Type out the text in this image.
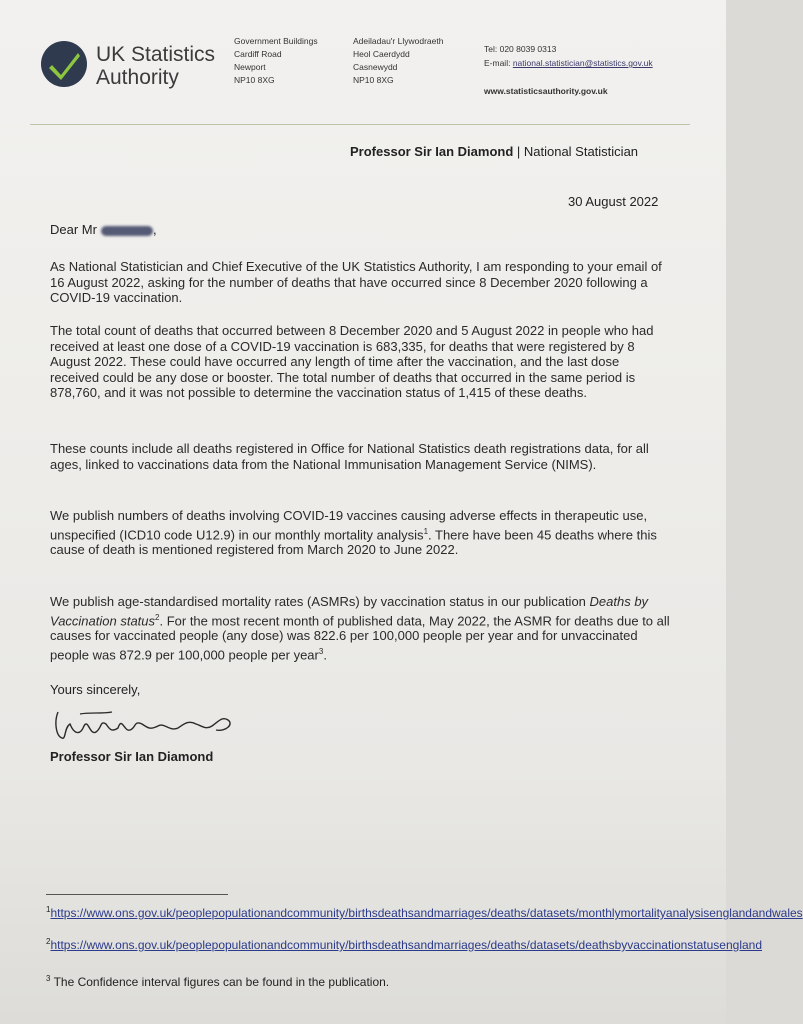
UK Statistics
Authority
Government Buildings
Cardiff Road
Newport
NP10 8XG
Adeiladau'r Llywodraeth
Heol Caerdydd
Casnewydd
NP10 8XG
Tel: 020 8039 0313
E-mail: national.statistician@statistics.gov.uk
www.statisticsauthority.gov.uk
Professor Sir Ian Diamond | National Statistician
30 August 2022
Dear Mr	,
As National Statistician and Chief Executive of the UK Statistics Authority, I am responding to your email of 16 August 2022, asking for the number of deaths that have occurred since 8 December 2020 following a COVID-19 vaccination.
The total count of deaths that occurred between 8 December 2020 and 5 August 2022 in people who had received at least one dose of a COVID-19 vaccination is 683,335, for deaths that were registered by 8 August 2022. These could have occurred any length of time after the vaccination, and the last dose received could be any dose or booster. The total number of deaths that occurred in the same period is 878,760, and it was not possible to determine the vaccination status of 1,415 of these deaths.
These counts include all deaths registered in Office for National Statistics death registrations data, for all ages, linked to vaccinations data from the National Immunisation Management Service (NIMS).
We publish numbers of deaths involving COVID-19 vaccines causing adverse effects in therapeutic use, unspecified (ICD10 code U12.9) in our monthly mortality analysis$^1$. There have been 45 deaths where this cause of death is mentioned registered from March 2020 to June 2022.
We publish age-standardised mortality rates (ASMRs) by vaccination status in our publication Deaths by Vaccination status$^2$. For the most recent month of published data, May 2022, the ASMR for deaths due to all causes for vaccinated people (any dose) was 822.6 per 100,000 people per year and for unvaccinated people was 872.9 per 100,000 people per year$^3$.
Yours sincerely,
Professor Sir Ian Diamond
$^1$https://www.ons.gov.uk/peoplepopulationandcommunity/birthsdeathsandmarriages/deaths/datasets/monthlymortalityanalysisenglandandwales
$^2$https://www.ons.gov.uk/peoplepopulationandcommunity/birthsdeathsandmarriages/deaths/datasets/deathsbyvaccinationstatusengland
$^3$ The Confidence interval figures can be found in the publication.
